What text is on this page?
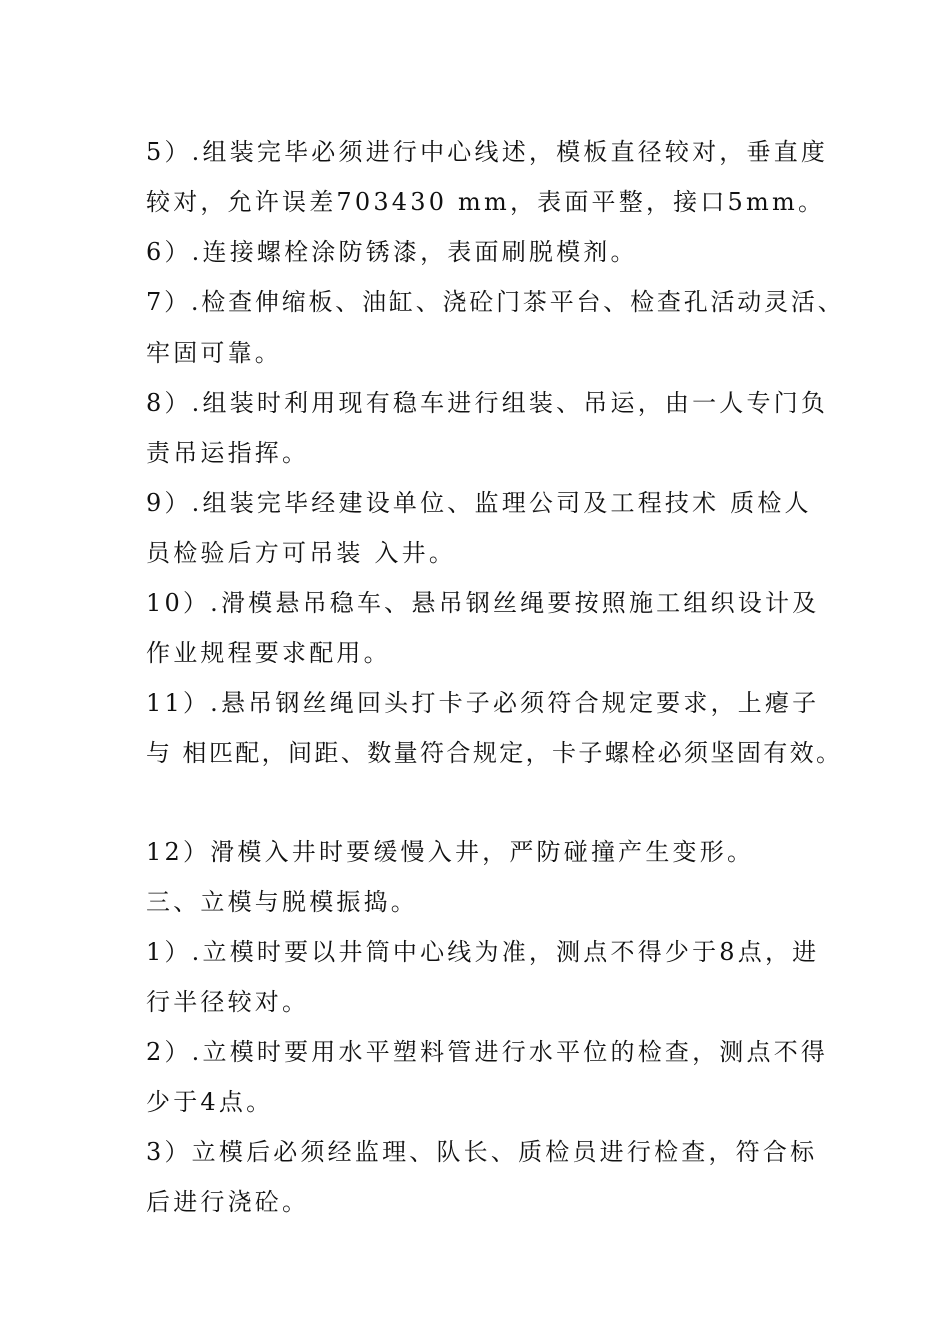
5）.组装完毕必须进行中心线述，模板直径较对，垂直度
较对，允许误差703430 mm，表面平整，接口5mm。
6）.连接螺栓涂防锈漆，表面刷脱模剂。
7）.检查伸缩板、油缸、浇砼门茶平台、检查孔活动灵活、
牢固可靠。
8）.组装时利用现有稳车进行组装、吊运，由一人专门负
责吊运指挥。
9）.组装完毕经建设单位、监理公司及工程技术 质检人
员检验后方可吊装 入井。
10）.滑模悬吊稳车、悬吊钢丝绳要按照施工组织设计及
作业规程要求配用。
11）.悬吊钢丝绳回头打卡子必须符合规定要求，上瘪子
与 相匹配，间距、数量符合规定，卡子螺栓必须坚固有效。
12）滑模入井时要缓慢入井，严防碰撞产生变形。
三、立模与脱模振捣。
1）.立模时要以井筒中心线为准，测点不得少于8点，进
行半径较对。
2）.立模时要用水平塑料管进行水平位的检查，测点不得
少于4点。
3）立模后必须经监理、队长、质检员进行检查，符合标
后进行浇砼。
